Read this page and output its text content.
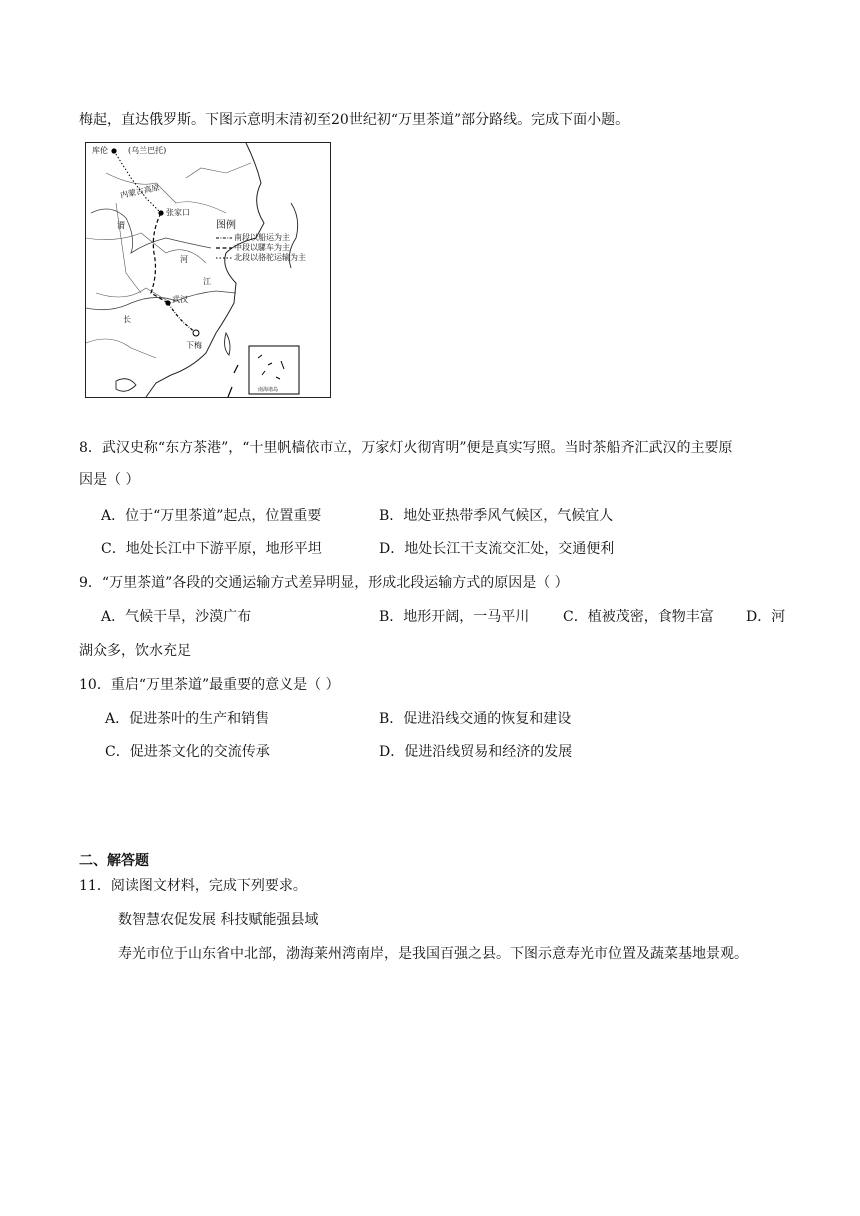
梅起，直达俄罗斯。下图示意明末清初至20世纪初“万里茶道”部分路线。完成下面小题。
库伦	(乌兰巴托)
内蒙古高原
张家口
渭
河
长
江
武汉
下梅
南海诸岛
图例
南段以船运为主
中段以騾车为主
北段以骆驼运输为主
8．武汉史称“东方茶港”，“十里帆樯依市立，万家灯火彻宵明”便是真实写照。当时茶船齐汇武汉的主要原
因是（ ）
A．位于“万里茶道”起点，位置重要	B．地处亚热带季风气候区，气候宜人
C．地处长江中下游平原，地形平坦	D．地处长江干支流交汇处，交通便利
9．“万里茶道”各段的交通运输方式差异明显，形成北段运输方式的原因是（ ）
A．气候干旱，沙漠广布	B．地形开阔，一马平川 C．植被茂密，食物丰富 D．河
湖众多，饮水充足
10．重启“万里茶道”最重要的意义是（ ）
A．促进茶叶的生产和销售	B．促进沿线交通的恢复和建设
C．促进茶文化的交流传承	D．促进沿线贸易和经济的发展
二、解答题
11．阅读图文材料，完成下列要求。
数智慧农促发展 科技赋能强县域
寿光市位于山东省中北部，渤海莱州湾南岸，是我国百强之县。下图示意寿光市位置及蔬菜基地景观。
